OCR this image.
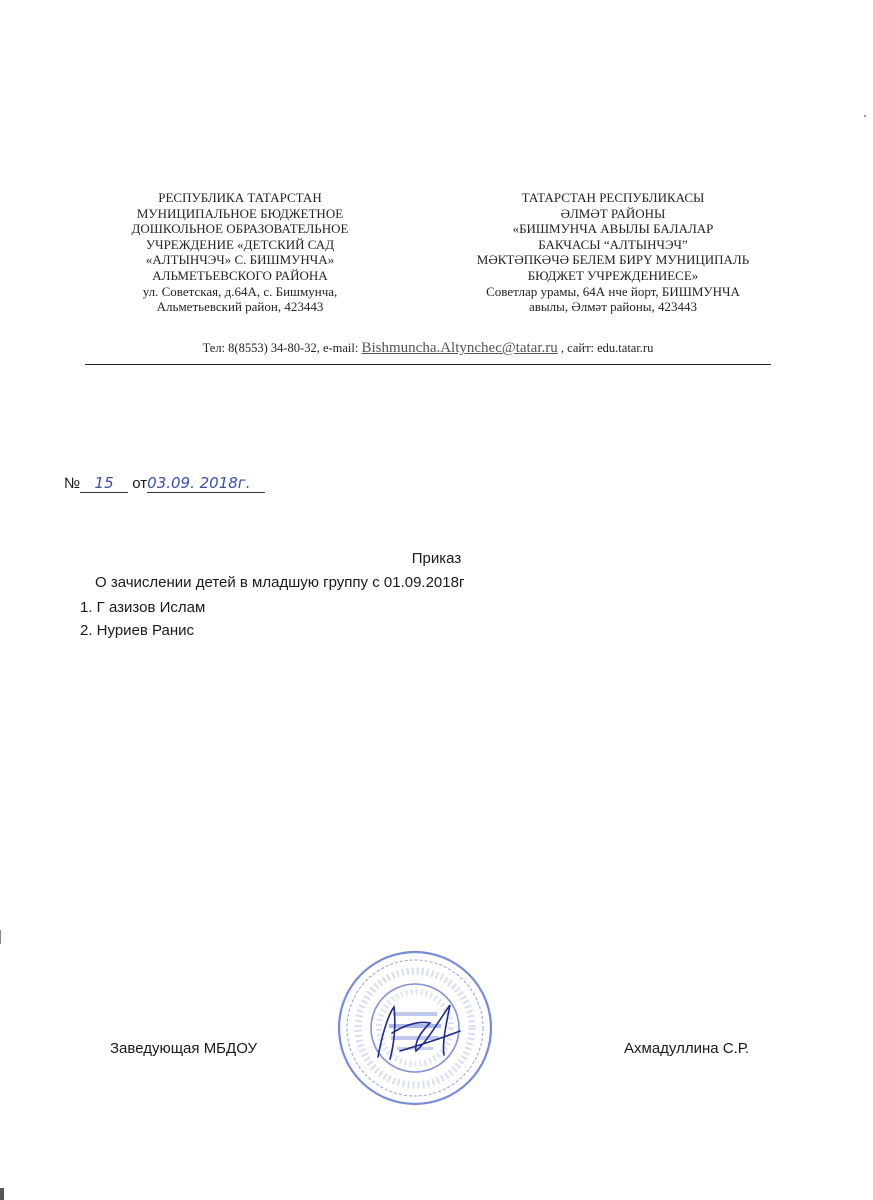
РЕСПУБЛИКА ТАТАРСТАН
МУНИЦИПАЛЬНОЕ БЮДЖЕТНОЕ
ДОШКОЛЬНОЕ ОБРАЗОВАТЕЛЬНОЕ
УЧРЕЖДЕНИЕ «ДЕТСКИЙ САД
«АЛТЫНЧЭЧ» С. БИШМУНЧА»
АЛЬМЕТЬЕВСКОГО РАЙОНА
ул. Советская, д.64А, с. Бишмунча,
Альметьевский район, 423443
ТАТАРСТАН РЕСПУБЛИКАСЫ
ӘЛМӘТ РАЙОНЫ
«БИШМУНЧА АВЫЛЫ БАЛАЛАР
БАКЧАСЫ “АЛТЫНЧЭЧ”
МӘКТӘПКӘЧӘ БЕЛЕМ БИРҮ МУНИЦИПАЛЬ
БЮДЖЕТ УЧРЕЖДЕНИЕСЕ»
Советлар урамы, 64А нче йорт, БИШМУНЧА
авылы, Әлмәт районы, 423443
Тел: 8(8553) 34-80-32, e-mail: Bishmuncha.Altynchec@tatar.ru , сайт: edu.tatar.ru
№ 15 от03.09. 2018г.
Приказ
О зачислении детей в младшую группу с 01.09.2018г
1. Г азизов Ислам
2. Нуриев Ранис
Заведующая МБДОУ	Ахмадуллина С.Р.
